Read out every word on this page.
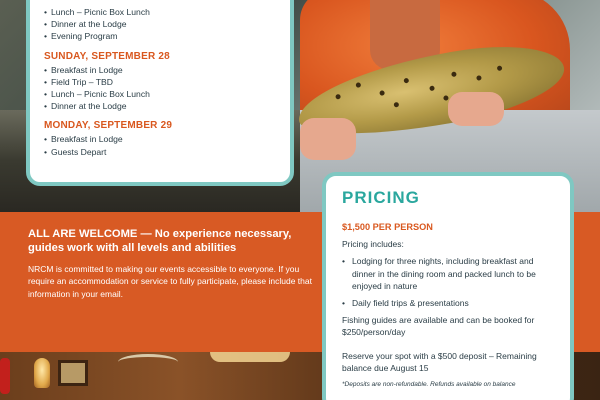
• Lunch – Picnic Box Lunch
• Dinner at the Lodge
• Evening Program
SUNDAY, SEPTEMBER 28
• Breakfast in Lodge
• Field Trip – TBD
• Lunch – Picnic Box Lunch
• Dinner at the Lodge
MONDAY, SEPTEMBER 29
• Breakfast in Lodge
• Guests Depart
ALL ARE WELCOME — No experience necessary, guides work with all levels and abilities
NRCM is committed to making our events accessible to everyone. If you require an accommodation or service to fully participate, please include that information in your email.
PRICING
$1,500 PER PERSON
Pricing includes:
• Lodging for three nights, including breakfast and dinner in the dining room and packed lunch to be enjoyed in nature
• Daily field trips & presentations
Fishing guides are available and can be booked for $250/person/day
Reserve your spot with a $500 deposit – Remaining balance due August 15
*Deposits are non-refundable. Refunds available on balance
